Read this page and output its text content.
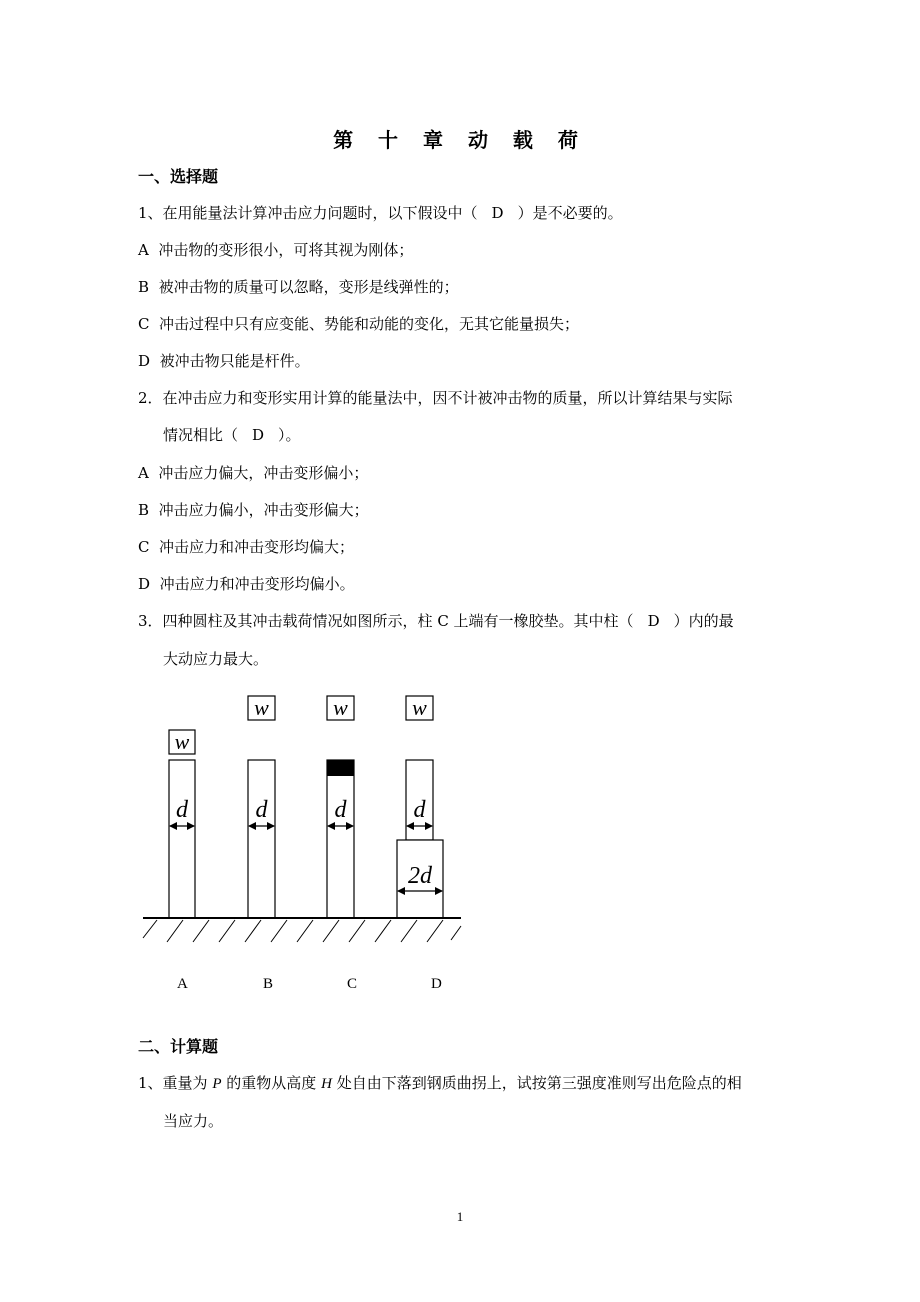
第 十 章 动 载 荷
一、选择题
1、在用能量法计算冲击应力问题时，以下假设中（ D ）是不必要的。
A 冲击物的变形很小，可将其视为刚体；
B 被冲击物的质量可以忽略，变形是线弹性的；
C 冲击过程中只有应变能、势能和动能的变化，无其它能量损失；
D 被冲击物只能是杆件。
2．在冲击应力和变形实用计算的能量法中，因不计被冲击物的质量，所以计算结果与实际
情况相比（ D ）。
A 冲击应力偏大，冲击变形偏小；
B 冲击应力偏小，冲击变形偏大；
C 冲击应力和冲击变形均偏大；
D 冲击应力和冲击变形均偏小。
3．四种圆柱及其冲击载荷情况如图所示，柱 C 上端有一橡胶垫。其中柱（ D ）内的最
大动应力最大。
w
d
w
d
w
d
w
d
2d
A	B	C	D
二、计算题
1、重量为 P 的重物从高度 H 处自由下落到钢质曲拐上，试按第三强度准则写出危险点的相
当应力。
1
